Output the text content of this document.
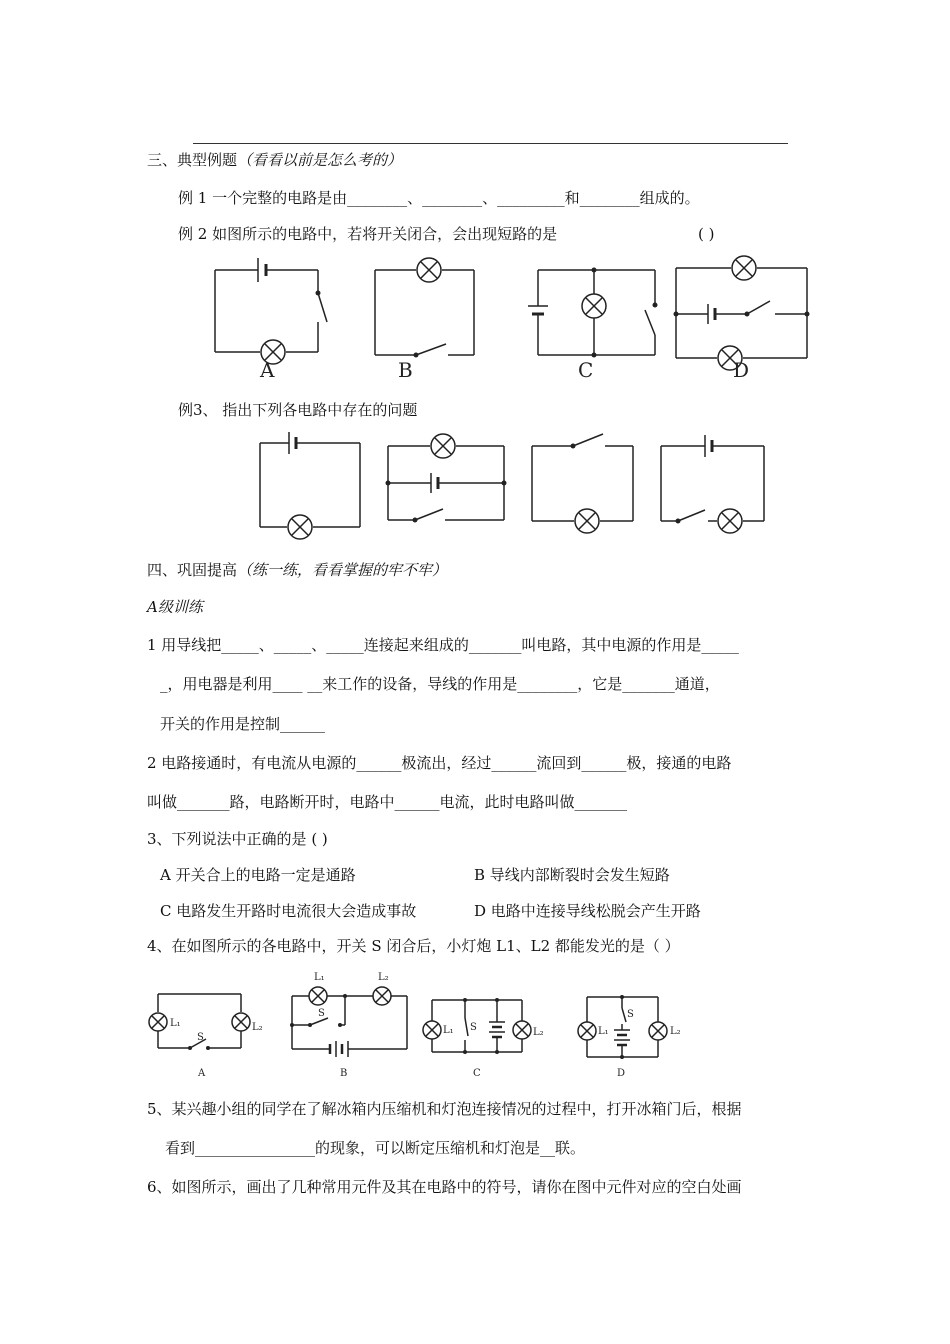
三、典型例题（看看以前是怎么考的）
例 1 一个完整的电路是由________、________、_________和________组成的。
例 2 如图所示的电路中，若将开关闭合，会出现短路的是	( )
A	B	C	D
例3、 指出下列各电路中存在的问题
四、巩固提高（练一练，看看掌握的牢不牢）
A级训练
1 用导线把_____、_____、_____连接起来组成的_______叫电路，其中电源的作用是_____
_，用电器是利用____ __来工作的设备，导线的作用是________，它是_______通道，
开关的作用是控制______
2 电路接通时，有电流从电源的______极流出，经过______流回到______极，接通的电路
叫做_______路，电路断开时，电路中______电流，此时电路叫做_______
3、下列说法中正确的是 ( )
A 开关合上的电路一定是通路	B 导线内部断裂时会发生短路
C 电路发生开路时电流很大会造成事故	D 电路中连接导线松脱会产生开路
4、在如图所示的各电路中，开关 S 闭合后，小灯炮 L1、L2 都能发光的是（ ）
L₁	L₂
S
A
L₁	L₂
S
B
L₁	L₂
S
C
L₁	L₂
S
D
5、某兴趣小组的同学在了解冰箱内压缩机和灯泡连接情况的过程中，打开冰箱门后，根据
看到________________的现象，可以断定压缩机和灯泡是__联。
6、如图所示，画出了几种常用元件及其在电路中的符号，请你在图中元件对应的空白处画
